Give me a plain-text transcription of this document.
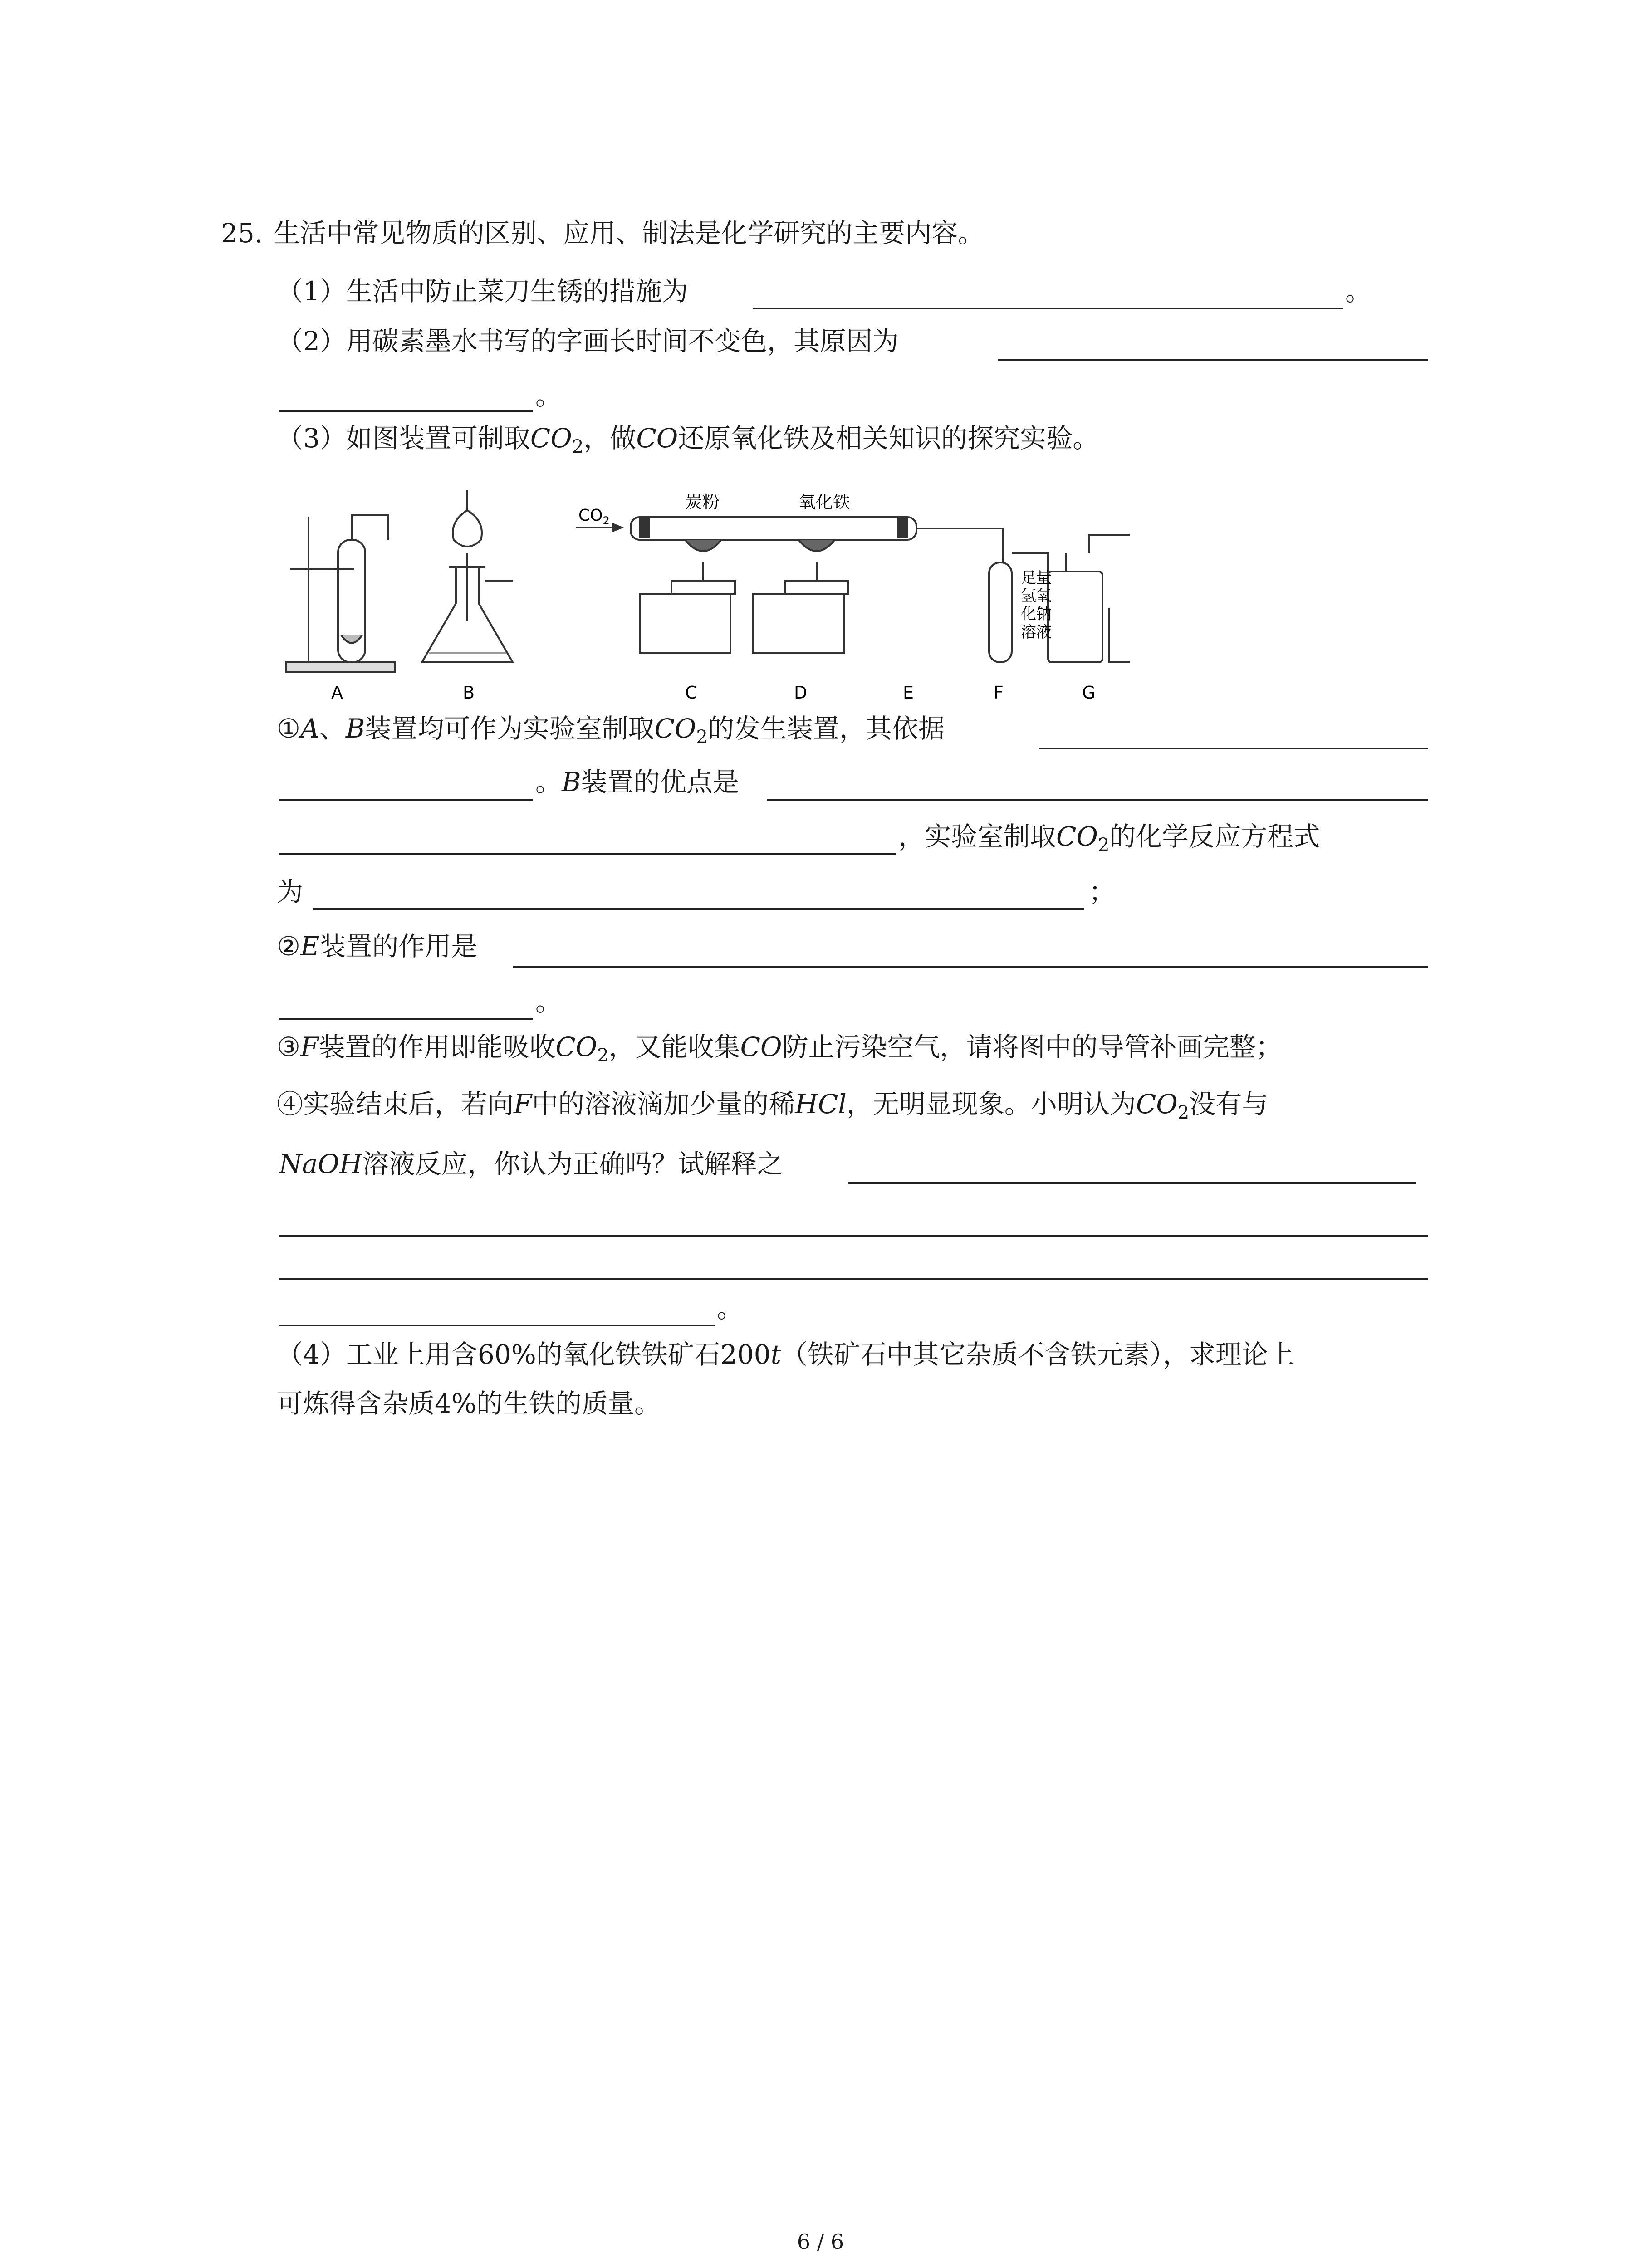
25. 生活中常见物质的区别、应用、制法是化学研究的主要内容。
（1）生活中防止菜刀生锈的措施为	。
（2）用碳素墨水书写的字画长时间不变色，其原因为
。
（3）如图装置可制取$CO_2$，做CO还原氧化铁及相关知识的探究实验。
$CO_2$
炭粉	氧化铁
足量
氢氧
化钠
溶液
A	B	C	D	E	F	G
①A、B装置均可作为实验室制取$CO_2$的发生装置，其依据
。B装置的优点是
，实验室制取$CO_2$的化学反应方程式
为	；
②E装置的作用是
。
③F装置的作用即能吸收$CO_2$，又能收集CO防止污染空气，请将图中的导管补画完整；
④实验结束后，若向F中的溶液滴加少量的稀HCl，无明显现象。小明认为$CO_2$没有与
NaOH溶液反应，你认为正确吗？试解释之
。
（4）工业上用含60%的氧化铁铁矿石200t（铁矿石中其它杂质不含铁元素），求理论上
可炼得含杂质4%的生铁的质量。
6 / 6
